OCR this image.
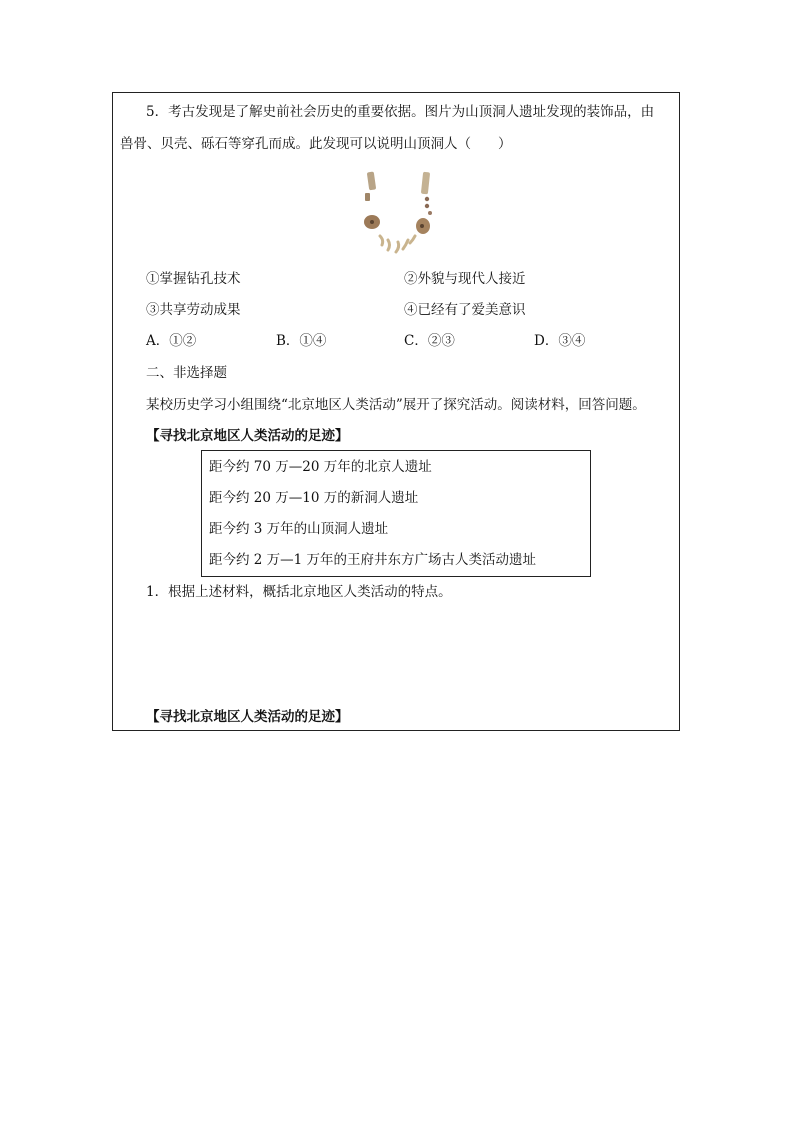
5．考古发现是了解史前社会历史的重要依据。图片为山顶洞人遗址发现的装饰品，由
兽骨、贝壳、砾石等穿孔而成。此发现可以说明山顶洞人（　　）
①掌握钻孔技术	②外貌与现代人接近
③共享劳动成果	④已经有了爱美意识
A．①②	B．①④	C．②③	D．③④
二、非选择题
某校历史学习小组围绕“北京地区人类活动”展开了探究活动。阅读材料，回答问题。
【寻找北京地区人类活动的足迹】
距今约 70 万—20 万年的北京人遗址
距今约 20 万—10 万的新洞人遗址
距今约 3 万年的山顶洞人遗址
距今约 2 万—1 万年的王府井东方广场古人类活动遗址
1．根据上述材料，概括北京地区人类活动的特点。
【寻找北京地区人类活动的足迹】
